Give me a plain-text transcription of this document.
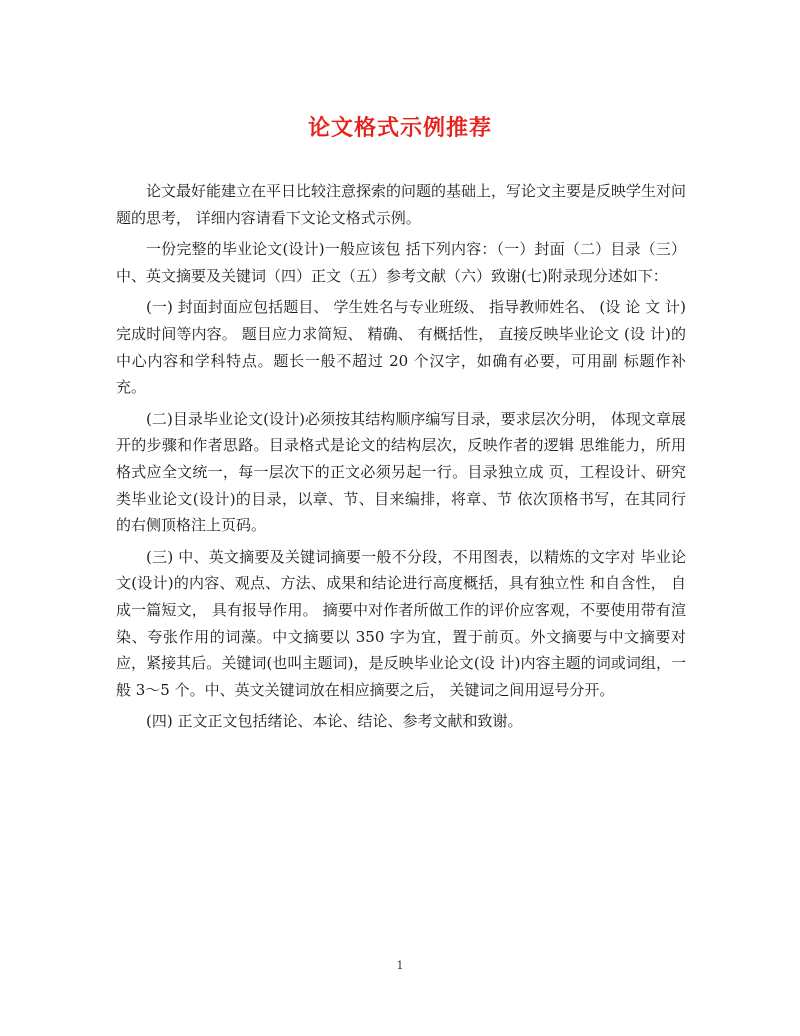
论文格式示例推荐

论文最好能建立在平日比较注意探索的问题的基础上，写论文主要是反映学生对问题的思考， 详细内容请看下文论文格式示例。

一份完整的毕业论文(设计)一般应该包 括下列内容：（一）封面（二）目录（三）中、英文摘要及关键词（四）正文（五）参考文献（六）致谢(七)附录现分述如下：

(一) 封面封面应包括题目、 学生姓名与专业班级、 指导教师姓名、 (设 论 文 计) 完成时间等内容。 题目应力求简短、 精确、 有概括性， 直接反映毕业论文 (设 计)的中心内容和学科特点。题长一般不超过 20 个汉字，如确有必要，可用副 标题作补充。

(二)目录毕业论文(设计)必须按其结构顺序编写目录，要求层次分明， 体现文章展开的步骤和作者思路。目录格式是论文的结构层次，反映作者的逻辑 思维能力，所用格式应全文统一，每一层次下的正文必须另起一行。目录独立成 页，工程设计、研究类毕业论文(设计)的目录，以章、节、目来编排，将章、节 依次顶格书写，在其同行的右侧顶格注上页码。

(三) 中、英文摘要及关键词摘要一般不分段，不用图表，以精炼的文字对 毕业论文(设计)的内容、观点、方法、成果和结论进行高度概括，具有独立性 和自含性， 自成一篇短文， 具有报导作用。 摘要中对作者所做工作的评价应客观，不要使用带有渲染、夸张作用的词藻。中文摘要以 350 字为宜，置于前页。外文摘要与中文摘要对应，紧接其后。关键词(也叫主题词)，是反映毕业论文(设 计)内容主题的词或词组，一般 3～5 个。中、英文关键词放在相应摘要之后， 关键词之间用逗号分开。

(四) 正文正文包括绪论、本论、结论、参考文献和致谢。

1
